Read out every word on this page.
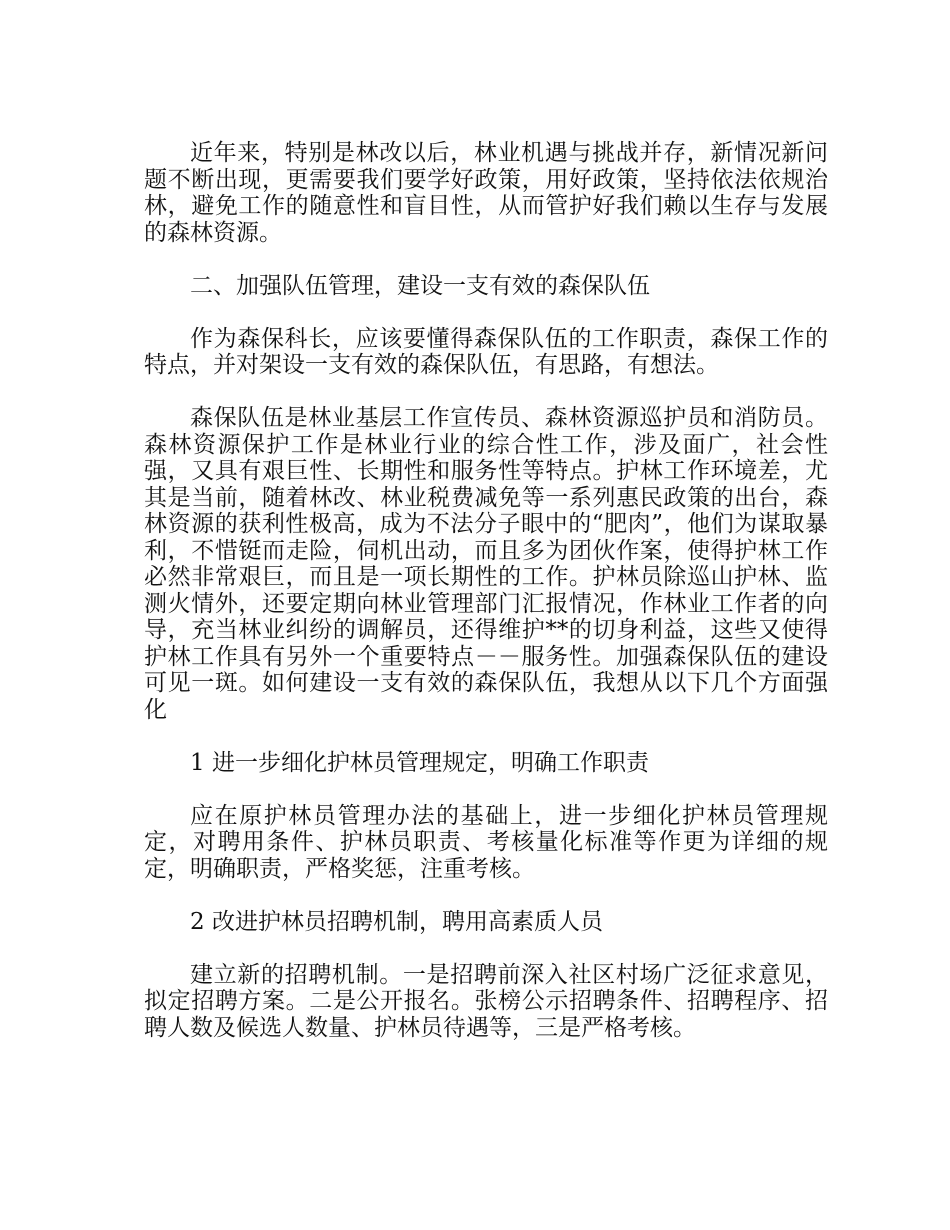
近年来，特别是林改以后，林业机遇与挑战并存，新情况新问题不断出现，更需要我们要学好政策，用好政策，坚持依法依规治林，避免工作的随意性和盲目性，从而管护好我们赖以生存与发展的森林资源。

二、加强队伍管理，建设一支有效的森保队伍

作为森保科长，应该要懂得森保队伍的工作职责，森保工作的特点，并对架设一支有效的森保队伍，有思路，有想法。

森保队伍是林业基层工作宣传员、森林资源巡护员和消防员。森林资源保护工作是林业行业的综合性工作，涉及面广，社会性强，又具有艰巨性、长期性和服务性等特点。护林工作环境差，尤其是当前，随着林改、林业税费减免等一系列惠民政策的出台，森林资源的获利性极高，成为不法分子眼中的“肥肉”，他们为谋取暴利，不惜铤而走险，伺机出动，而且多为团伙作案，使得护林工作必然非常艰巨，而且是一项长期性的工作。护林员除巡山护林、监测火情外，还要定期向林业管理部门汇报情况，作林业工作者的向导，充当林业纠纷的调解员，还得维护**的切身利益，这些又使得护林工作具有另外一个重要特点－－服务性。加强森保队伍的建设可见一斑。如何建设一支有效的森保队伍，我想从以下几个方面强化

1 进一步细化护林员管理规定，明确工作职责

应在原护林员管理办法的基础上，进一步细化护林员管理规定，对聘用条件、护林员职责、考核量化标准等作更为详细的规定，明确职责，严格奖惩，注重考核。

2 改进护林员招聘机制，聘用高素质人员

建立新的招聘机制。一是招聘前深入社区村场广泛征求意见，拟定招聘方案。二是公开报名。张榜公示招聘条件、招聘程序、招聘人数及候选人数量、护林员待遇等，三是严格考核。
